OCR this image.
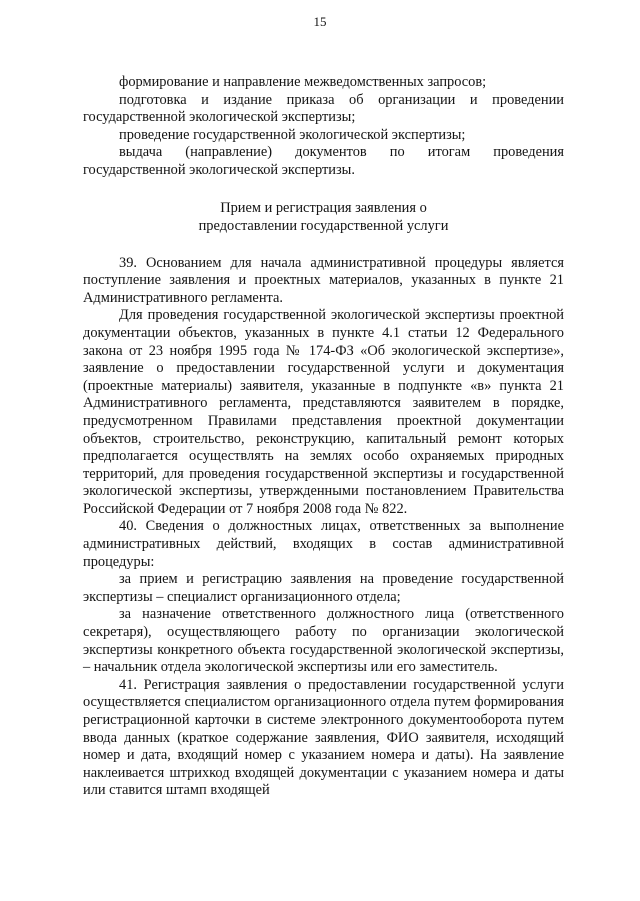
15

формирование и направление межведомственных запросов;

подготовка и издание приказа об организации и проведении государственной экологической экспертизы;

проведение государственной экологической экспертизы;

выдача (направление) документов по итогам проведения государственной экологической экспертизы.

Прием и регистрация заявления о
предоставлении государственной услуги

39. Основанием для начала административной процедуры является поступление заявления и проектных материалов, указанных в пункте 21 Административного регламента.

Для проведения государственной экологической экспертизы проектной документации объектов, указанных в пункте 4.1 статьи 12 Федерального закона от 23 ноября 1995 года № 174-ФЗ «Об экологической экспертизе», заявление о предоставлении государственной услуги и документация (проектные материалы) заявителя, указанные в подпункте «в» пункта 21 Административного регламента, представляются заявителем в порядке, предусмотренном Правилами представления проектной документации объектов, строительство, реконструкцию, капитальный ремонт которых предполагается осуществлять на землях особо охраняемых природных территорий, для проведения государственной экспертизы и государственной экологической экспертизы, утвержденными постановлением Правительства Российской Федерации от 7 ноября 2008 года № 822.

40. Сведения о должностных лицах, ответственных за выполнение административных действий, входящих в состав административной процедуры:

за прием и регистрацию заявления на проведение государственной экспертизы – специалист организационного отдела;

за назначение ответственного должностного лица (ответственного секретаря), осуществляющего работу по организации экологической экспертизы конкретного объекта государственной экологической экспертизы, – начальник отдела экологической экспертизы или его заместитель.

41. Регистрация заявления о предоставлении государственной услуги осуществляется специалистом организационного отдела путем формирования регистрационной карточки в системе электронного документооборота путем ввода данных (краткое содержание заявления, ФИО заявителя, исходящий номер и дата, входящий номер с указанием номера и даты). На заявление наклеивается штрихкод входящей документации с указанием номера и даты или ставится штамп входящей
